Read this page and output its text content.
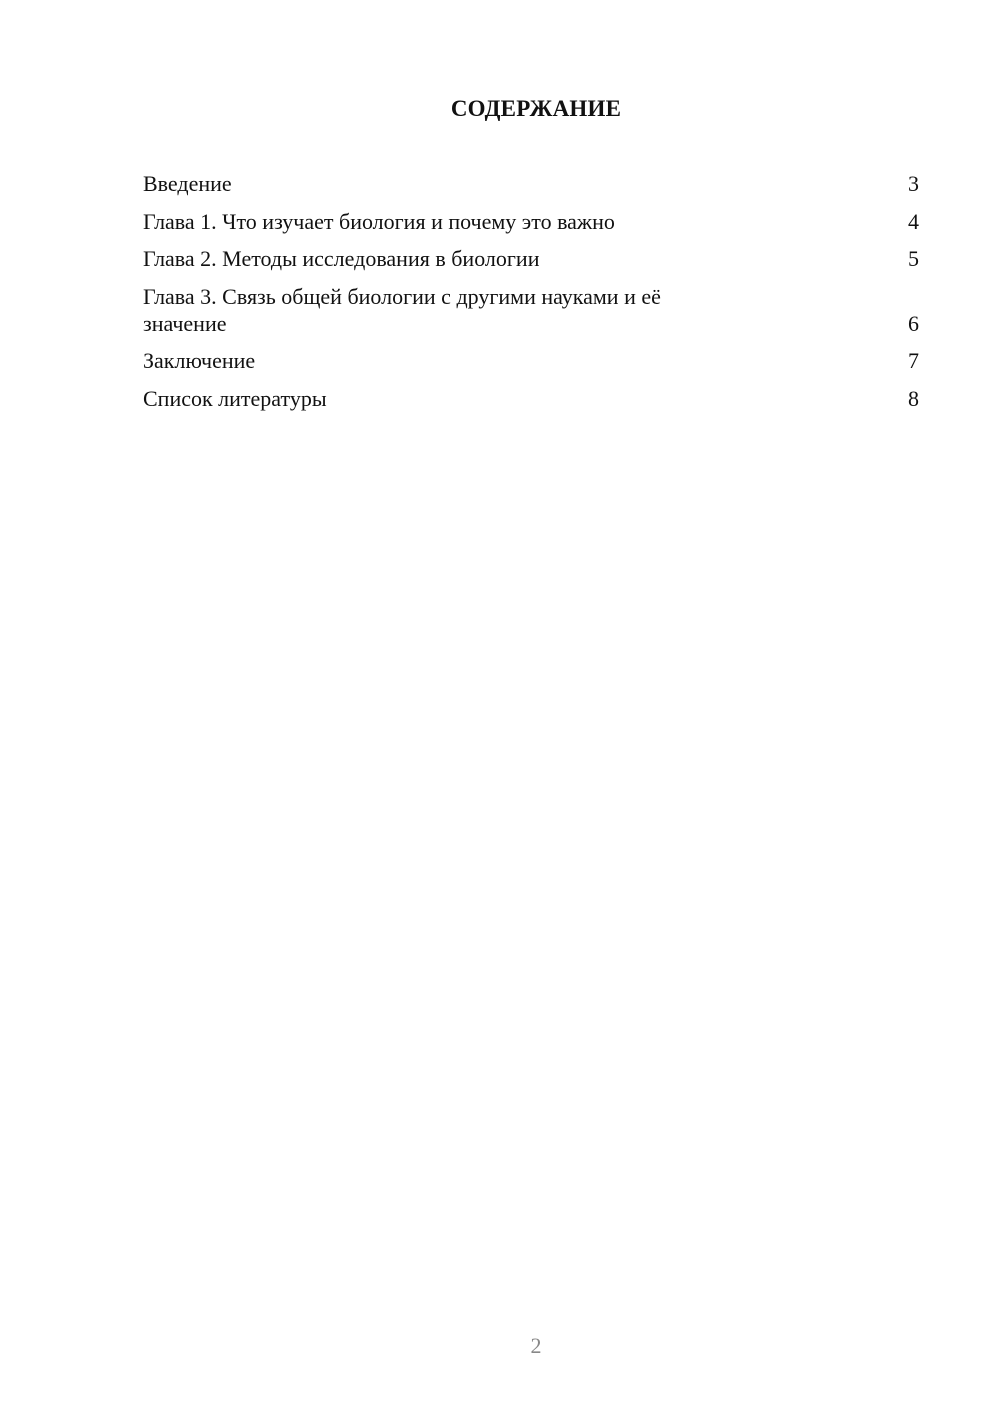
СОДЕРЖАНИЕ
Введение	3
Глава 1. Что изучает биология и почему это важно	4
Глава 2. Методы исследования в биологии	5
Глава 3. Связь общей биологии с другими науками и её значение	6
Заключение	7
Список литературы	8
2
